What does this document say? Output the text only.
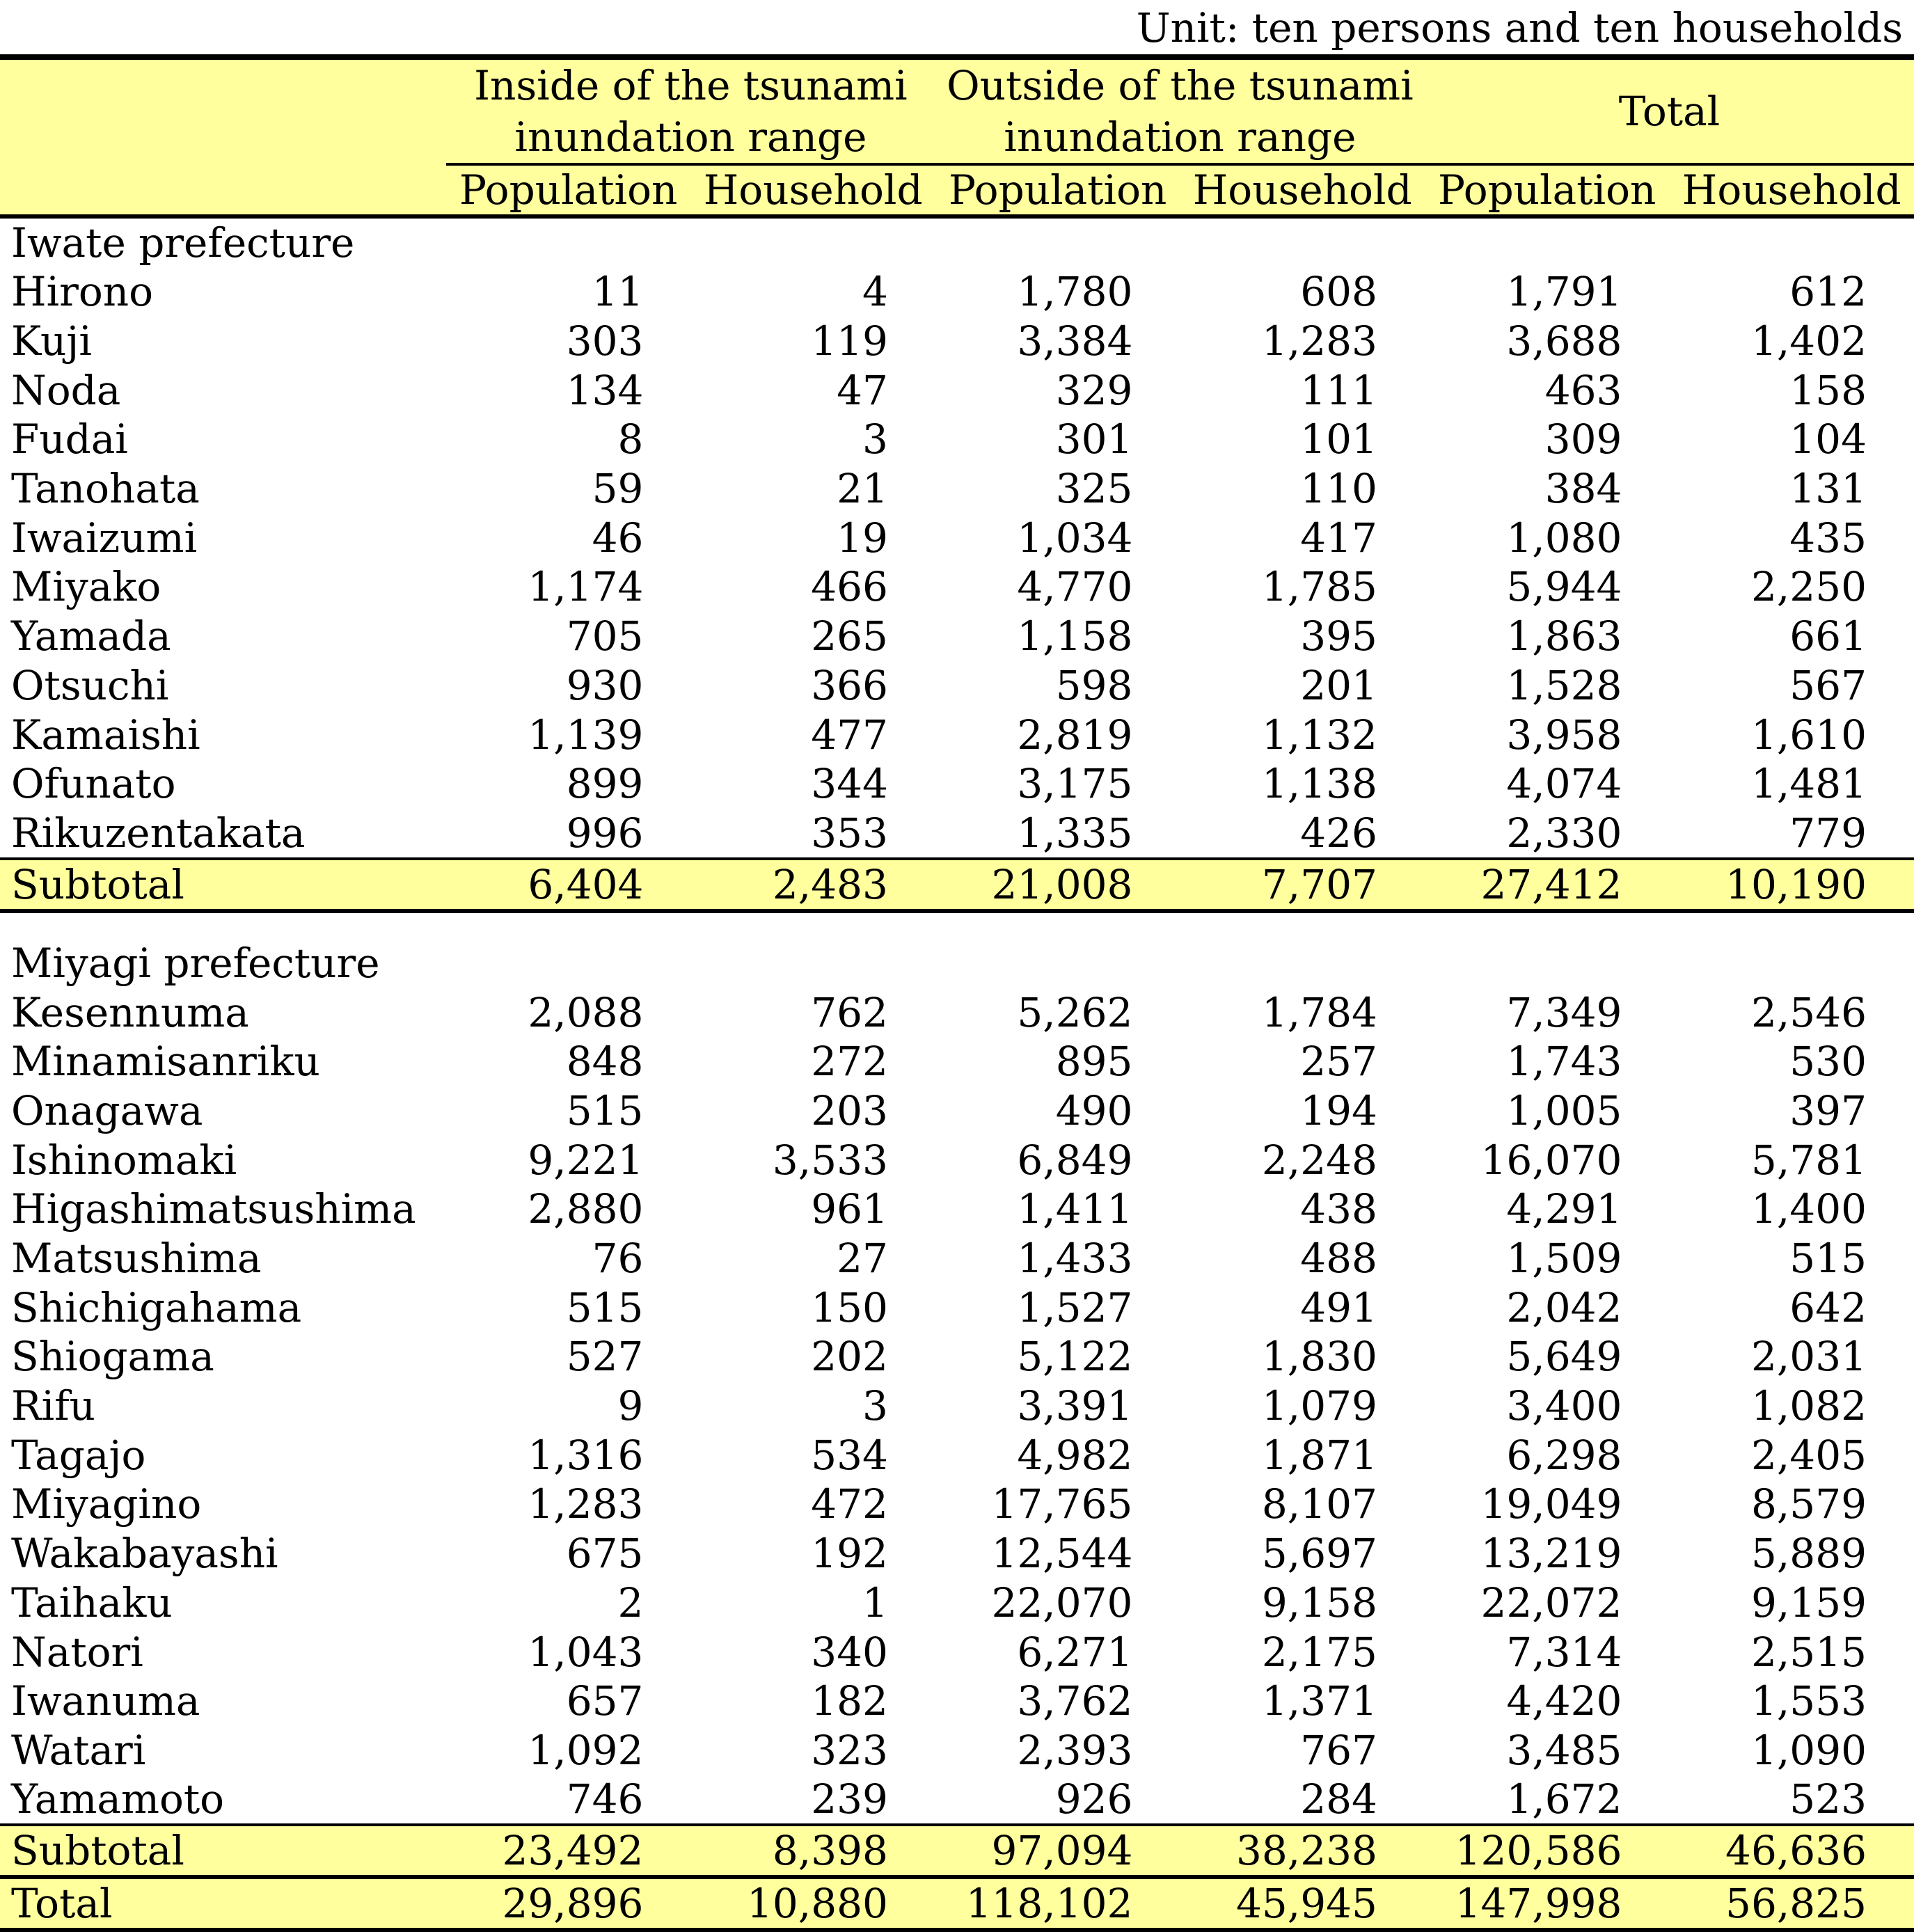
Unit: ten persons and ten households
	Inside of the tsunami inundation range		Outside of the tsunami inundation range		Total	
	Population	Household	Population	Household	Population	Household
Iwate prefecture						
Hirono	11	4	1,780	608	1,791	612
Kuji	303	119	3,384	1,283	3,688	1,402
Noda	134	47	329	111	463	158
Fudai	8	3	301	101	309	104
Tanohata	59	21	325	110	384	131
Iwaizumi	46	19	1,034	417	1,080	435
Miyako	1,174	466	4,770	1,785	5,944	2,250
Yamada	705	265	1,158	395	1,863	661
Otsuchi	930	366	598	201	1,528	567
Kamaishi	1,139	477	2,819	1,132	3,958	1,610
Ofunato	899	344	3,175	1,138	4,074	1,481
Rikuzentakata	996	353	1,335	426	2,330	779
Subtotal	6,404	2,483	21,008	7,707	27,412	10,190

Miyagi prefecture						
Kesennuma	2,088	762	5,262	1,784	7,349	2,546
Minamisanriku	848	272	895	257	1,743	530
Onagawa	515	203	490	194	1,005	397
Ishinomaki	9,221	3,533	6,849	2,248	16,070	5,781
Higashimatsushima	2,880	961	1,411	438	4,291	1,400
Matsushima	76	27	1,433	488	1,509	515
Shichigahama	515	150	1,527	491	2,042	642
Shiogama	527	202	5,122	1,830	5,649	2,031
Rifu	9	3	3,391	1,079	3,400	1,082
Tagajo	1,316	534	4,982	1,871	6,298	2,405
Miyagino	1,283	472	17,765	8,107	19,049	8,579
Wakabayashi	675	192	12,544	5,697	13,219	5,889
Taihaku	2	1	22,070	9,158	22,072	9,159
Natori	1,043	340	6,271	2,175	7,314	2,515
Iwanuma	657	182	3,762	1,371	4,420	1,553
Watari	1,092	323	2,393	767	3,485	1,090
Yamamoto	746	239	926	284	1,672	523
Subtotal	23,492	8,398	97,094	38,238	120,586	46,636
Total	29,896	10,880	118,102	45,945	147,998	56,825
